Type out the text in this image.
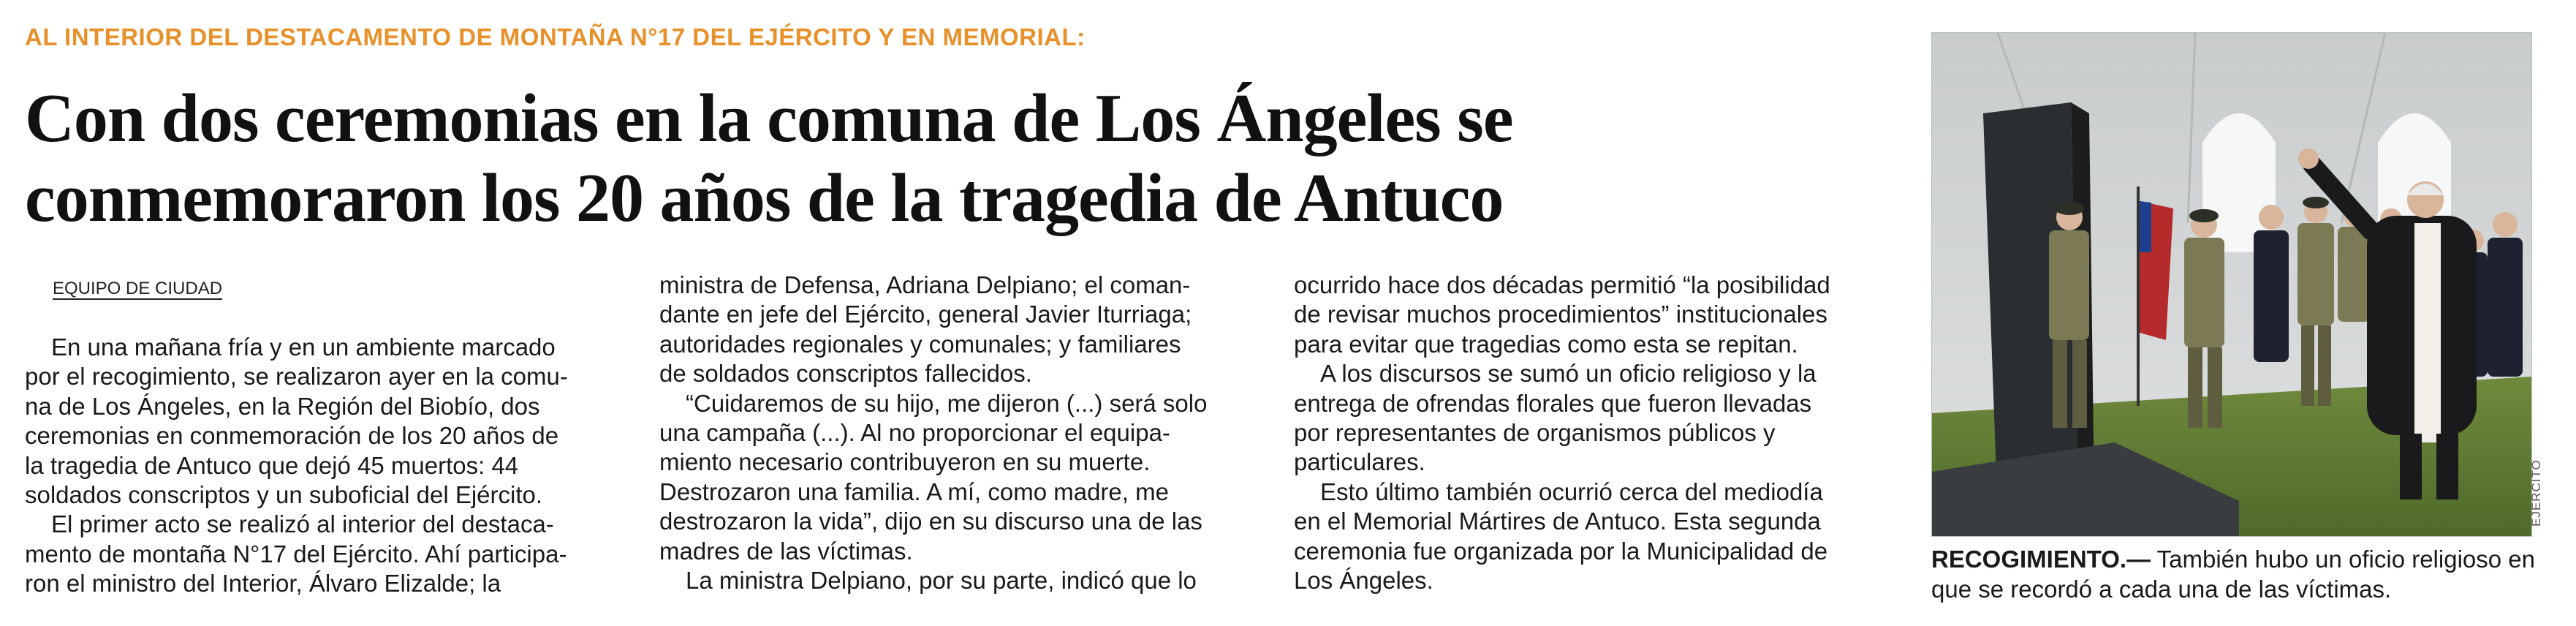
AL INTERIOR DEL DESTACAMENTO DE MONTAÑA N°17 DEL EJÉRCITO Y EN MEMORIAL:
Con dos ceremonias en la comuna de Los Ángeles se
conmemoraron los 20 años de la tragedia de Antuco
EQUIPO DE CIUDAD

En una mañana fría y en un ambiente marcado
por el recogimiento, se realizaron ayer en la comu-
na de Los Ángeles, en la Región del Biobío, dos
ceremonias en conmemoración de los 20 años de
la tragedia de Antuco que dejó 45 muertos: 44
soldados conscriptos y un suboficial del Ejército.

El primer acto se realizó al interior del destaca-
mento de montaña N°17 del Ejército. Ahí participa-
ron el ministro del Interior, Álvaro Elizalde; la

ministra de Defensa, Adriana Delpiano; el coman-
dante en jefe del Ejército, general Javier Iturriaga;
autoridades regionales y comunales; y familiares
de soldados conscriptos fallecidos.

“Cuidaremos de su hijo, me dijeron (...) será solo
una campaña (...). Al no proporcionar el equipa-
miento necesario contribuyeron en su muerte.
Destrozaron una familia. A mí, como madre, me
destrozaron la vida”, dijo en su discurso una de las
madres de las víctimas.

La ministra Delpiano, por su parte, indicó que lo

ocurrido hace dos décadas permitió “la posibilidad
de revisar muchos procedimientos” institucionales
para evitar que tragedias como esta se repitan.

A los discursos se sumó un oficio religioso y la
entrega de ofrendas florales que fueron llevadas
por representantes de organismos públicos y
particulares.

Esto último también ocurrió cerca del mediodía
en el Memorial Mártires de Antuco. Esta segunda
ceremonia fue organizada por la Municipalidad de
Los Ángeles.

EJÉRCITO
RECOGIMIENTO.— También hubo un oficio religioso en
que se recordó a cada una de las víctimas.
